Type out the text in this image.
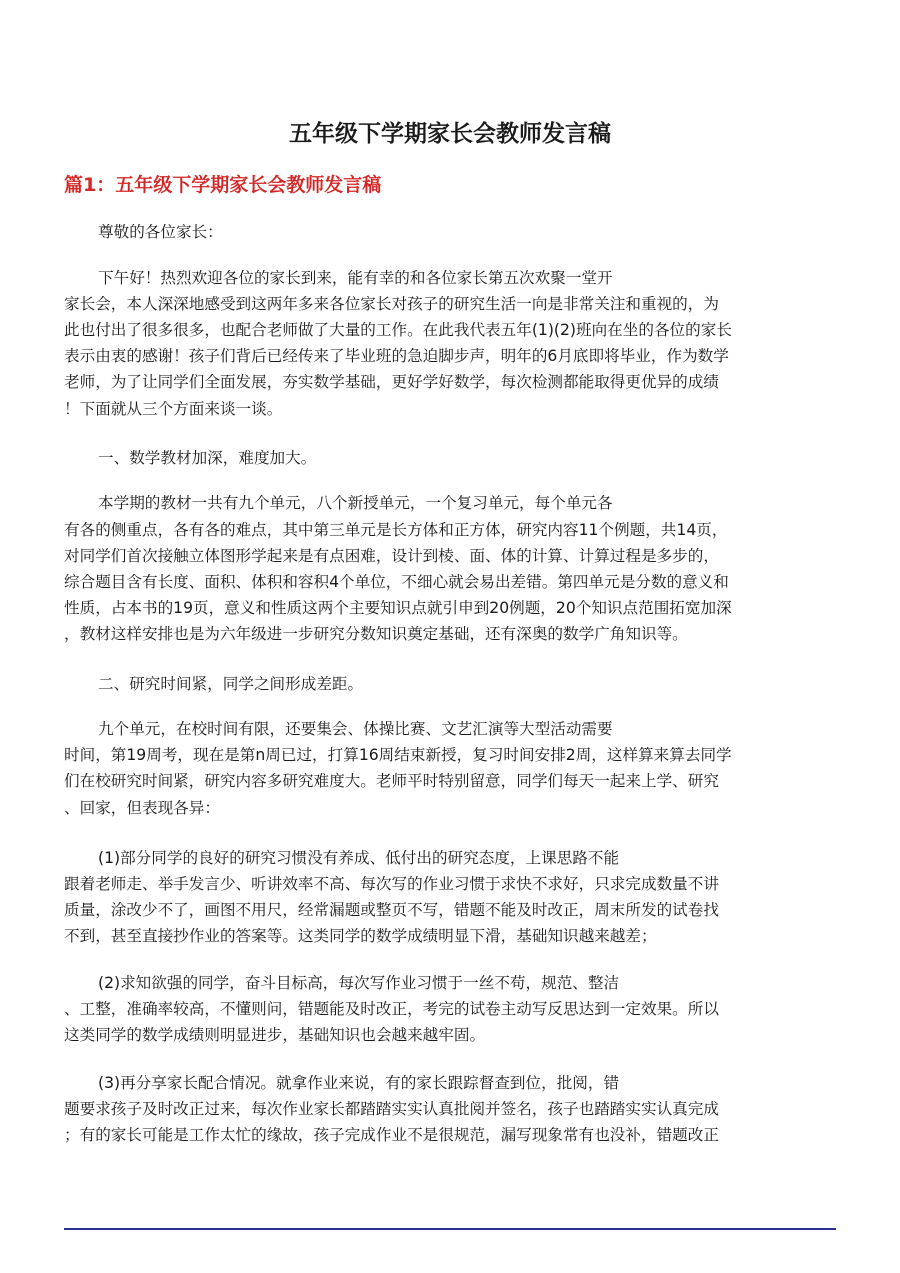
五年级下学期家长会教师发言稿
篇1：五年级下学期家长会教师发言稿
尊敬的各位家长：
下午好！热烈欢迎各位的家长到来，能有幸的和各位家长第五次欢聚一堂开
家长会，本人深深地感受到这两年多来各位家长对孩子的研究生活一向是非常关注和重视的，为
此也付出了很多很多，也配合老师做了大量的工作。在此我代表五年(1)(2)班向在坐的各位的家长
表示由衷的感谢！孩子们背后已经传来了毕业班的急迫脚步声，明年的6月底即将毕业，作为数学
老师，为了让同学们全面发展，夯实数学基础，更好学好数学，每次检测都能取得更优异的成绩
！下面就从三个方面来谈一谈。
一、数学教材加深，难度加大。
本学期的教材一共有九个单元，八个新授单元，一个复习单元，每个单元各
有各的侧重点，各有各的难点，其中第三单元是长方体和正方体，研究内容11个例题，共14页，
对同学们首次接触立体图形学起来是有点困难，设计到棱、面、体的计算、计算过程是多步的，
综合题目含有长度、面积、体积和容积4个单位，不细心就会易出差错。第四单元是分数的意义和
性质，占本书的19页，意义和性质这两个主要知识点就引申到20例题，20个知识点范围拓宽加深
，教材这样安排也是为六年级进一步研究分数知识奠定基础，还有深奥的数学广角知识等。
二、研究时间紧，同学之间形成差距。
九个单元，在校时间有限，还要集会、体操比赛、文艺汇演等大型活动需要
时间，第19周考，现在是第n周已过，打算16周结束新授，复习时间安排2周，这样算来算去同学
们在校研究时间紧，研究内容多研究难度大。老师平时特别留意，同学们每天一起来上学、研究
、回家，但表现各异：
(1)部分同学的良好的研究习惯没有养成、低付出的研究态度，上课思路不能
跟着老师走、举手发言少、听讲效率不高、每次写的作业习惯于求快不求好，只求完成数量不讲
质量，涂改少不了，画图不用尺，经常漏题或整页不写，错题不能及时改正，周末所发的试卷找
不到，甚至直接抄作业的答案等。这类同学的数学成绩明显下滑，基础知识越来越差；
(2)求知欲强的同学，奋斗目标高，每次写作业习惯于一丝不苟，规范、整洁
、工整，准确率较高，不懂则问，错题能及时改正，考完的试卷主动写反思达到一定效果。所以
这类同学的数学成绩则明显进步，基础知识也会越来越牢固。
(3)再分享家长配合情况。就拿作业来说，有的家长跟踪督查到位，批阅，错
题要求孩子及时改正过来，每次作业家长都踏踏实实认真批阅并签名，孩子也踏踏实实认真完成
；有的家长可能是工作太忙的缘故，孩子完成作业不是很规范，漏写现象常有也没补，错题改正
